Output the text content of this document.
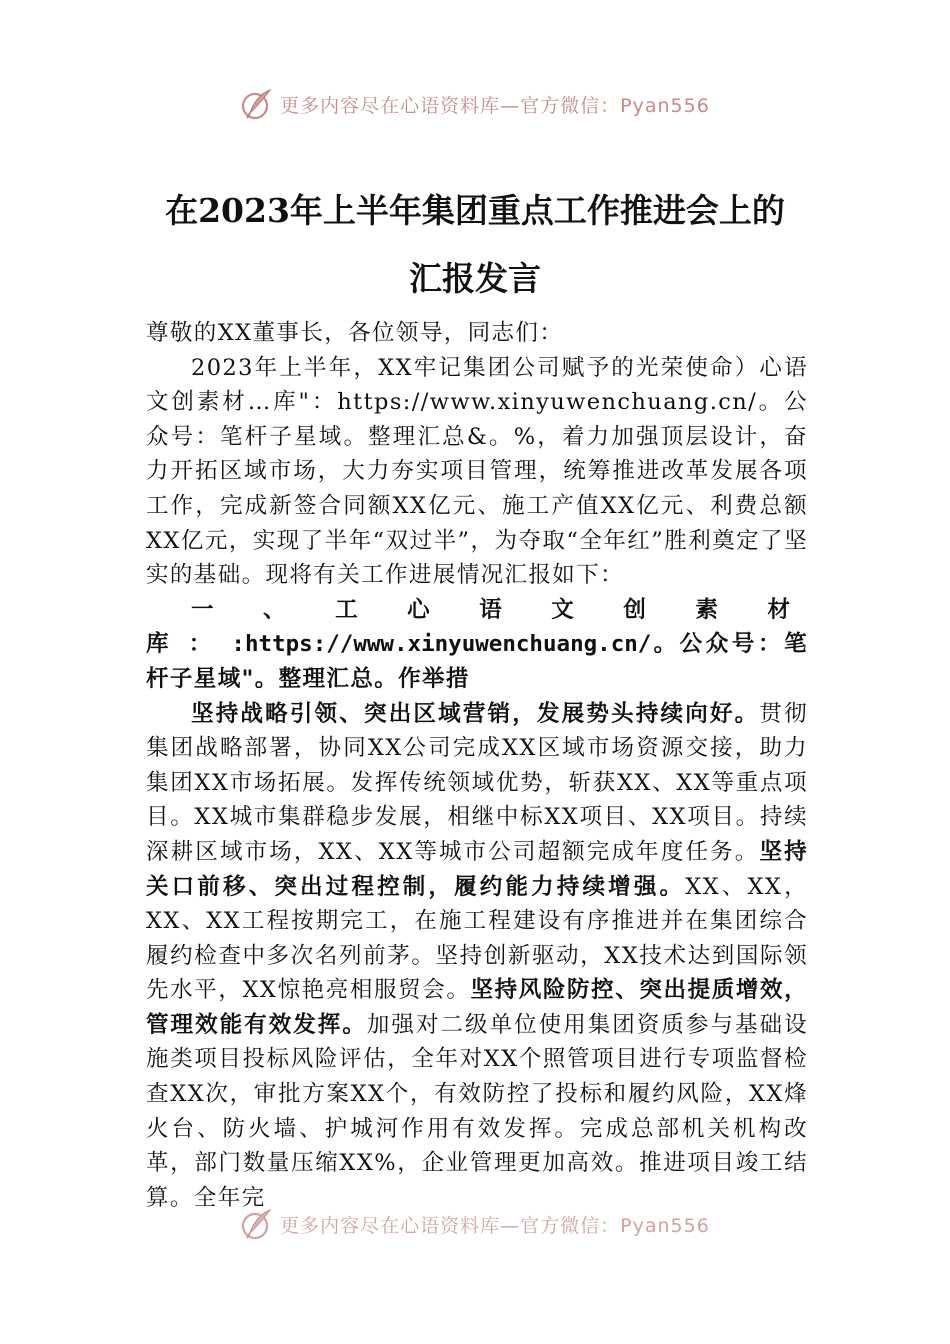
更多内容尽在心语资料库—官方微信：Pyan556
在2023年上半年集团重点工作推进会上的
汇报发言

尊敬的XX董事长，各位领导，同志们：

2023年上半年，XX牢记集团公司赋予的光荣使命）心语文创素材…库"：https://www.xinyuwenchuang.cn/。公众号：笔杆子星域。整理汇总&。%，着力加强顶层设计，奋力开拓区域市场，大力夯实项目管理，统筹推进改革发展各项工作，完成新签合同额XX亿元、施工产值XX亿元、利费总额XX亿元，实现了半年“双过半”，为夺取“全年红”胜利奠定了坚实的基础。现将有关工作进展情况汇报如下：

一、工心语文创素材库：:https://www.xinyuwenchuang.cn/。公众号：笔杆子星域"。整理汇总。作举措

坚持战略引领、突出区域营销，发展势头持续向好。贯彻集团战略部署，协同XX公司完成XX区域市场资源交接，助力集团XX市场拓展。发挥传统领域优势，斩获XX、XX等重点项目。XX城市集群稳步发展，相继中标XX项目、XX项目。持续深耕区域市场，XX、XX等城市公司超额完成年度任务。坚持关口前移、突出过程控制，履约能力持续增强。XX、XX，XX、XX工程按期完工，在施工程建设有序推进并在集团综合履约检查中多次名列前茅。坚持创新驱动，XX技术达到国际领先水平，XX惊艳亮相服贸会。坚持风险防控、突出提质增效，管理效能有效发挥。加强对二级单位使用集团资质参与基础设施类项目投标风险评估，全年对XX个照管项目进行专项监督检查XX次，审批方案XX个，有效防控了投标和履约风险，XX烽火台、防火墙、护城河作用有效发挥。完成总部机关机构改革，部门数量压缩XX%，企业管理更加高效。推进项目竣工结算。全年完

更多内容尽在心语资料库—官方微信：Pyan556
